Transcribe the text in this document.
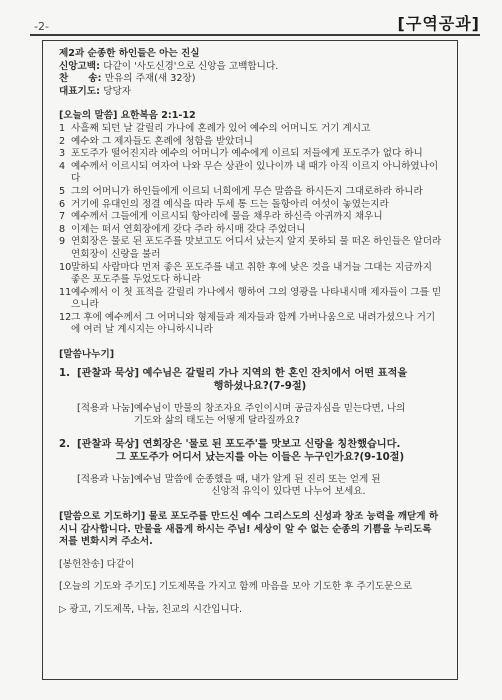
-2-	[구역공과]
제2과 순종한 하인들은 아는 진실
신앙고백: 다같이 '사도신경'으로 신앙을 고백합니다.
찬      송: 만유의 주재(새 32장)
대표기도: 당당자
[오늘의 말씀] 요한복음 2:1-12
1 사흘째 되던 날 갈릴리 가나에 혼례가 있어 예수의 어머니도 거기 계시고
2 예수와 그 제자들도 혼례에 청함을 받았더니
3 포도주가 떨어진지라 예수의 어머니가 예수에게 이르되 저들에게 포도주가 없다 하니
4 예수께서 이르시되 여자여 나와 무슨 상관이 있나이까 내 때가 아직 이르지 아니하였나이다
5 그의 어머니가 하인들에게 이르되 너희에게 무슨 말씀을 하시든지 그대로하라 하니라
6 거기에 유대인의 정결 예식을 따라 두세 통 드는 돌항아리 여섯이 놓였는지라
7 예수께서 그들에게 이르시되 항아리에 물을 채우라 하신즉 아귀까지 채우니
8 이제는 떠서 연회장에게 갖다 주라 하시매 갖다 주었더니
9 연회장은 물로 된 포도주를 맛보고도 어디서 났는지 알지 못하되 물 떠온 하인들은 알더라 연회장이 신랑을 불러
10 말하되 사람마다 먼저 좋은 포도주를 내고 취한 후에 낮은 것을 내거늘 그대는 지금까지 좋은 포도주를 두었도다 하니라
11 예수께서 이 첫 표적을 갈릴리 가나에서 행하여 그의 영광을 나타내시매 제자들이 그를 믿으니라
12 그 후에 예수께서 그 어머니와 형제들과 제자들과 함께 가버나움으로 내려가셨으나 거기에 여러 날 계시지는 아니하시니라
[말씀나누기]
1. [관찰과 묵상] 예수님은 갈릴리 가나 지역의 한 혼인 잔치에서 어떤 표적을
행하셨나요?(7-9절)
[적용과 나눔] 예수님이 만물의 창조자요 주인이시며 공급자심을 믿는다면, 나의
기도와 삶의 태도는 어떻게 달라질까요?
2. [관찰과 묵상] 연회장은 '물로 된 포도주'를 맛보고 신랑을 칭찬했습니다.
그 포도주가 어디서 났는지를 아는 이들은 누구인가요?(9-10절)
[적용과 나눔] 예수님 말씀에 순종했을 때, 내가 알게 된 진리 또는 얻게 된
신앙적 유익이 있다면 나누어 보세요.
[말씀으로 기도하기] 물로 포도주를 만드신 예수 그리스도의 신성과 창조 능력을 깨닫게 하시니 감사합니다. 만물을 새롭게 하시는 주님! 세상이 알 수 없는 순종의 기쁨을 누리도록 저를 변화시켜 주소서.
[봉헌찬송] 다같이
[오늘의 기도와 주기도] 기도제목을 가지고 함께 마음을 모아 기도한 후 주기도문으로
▷ 광고, 기도제목, 나눔, 친교의 시간입니다.
